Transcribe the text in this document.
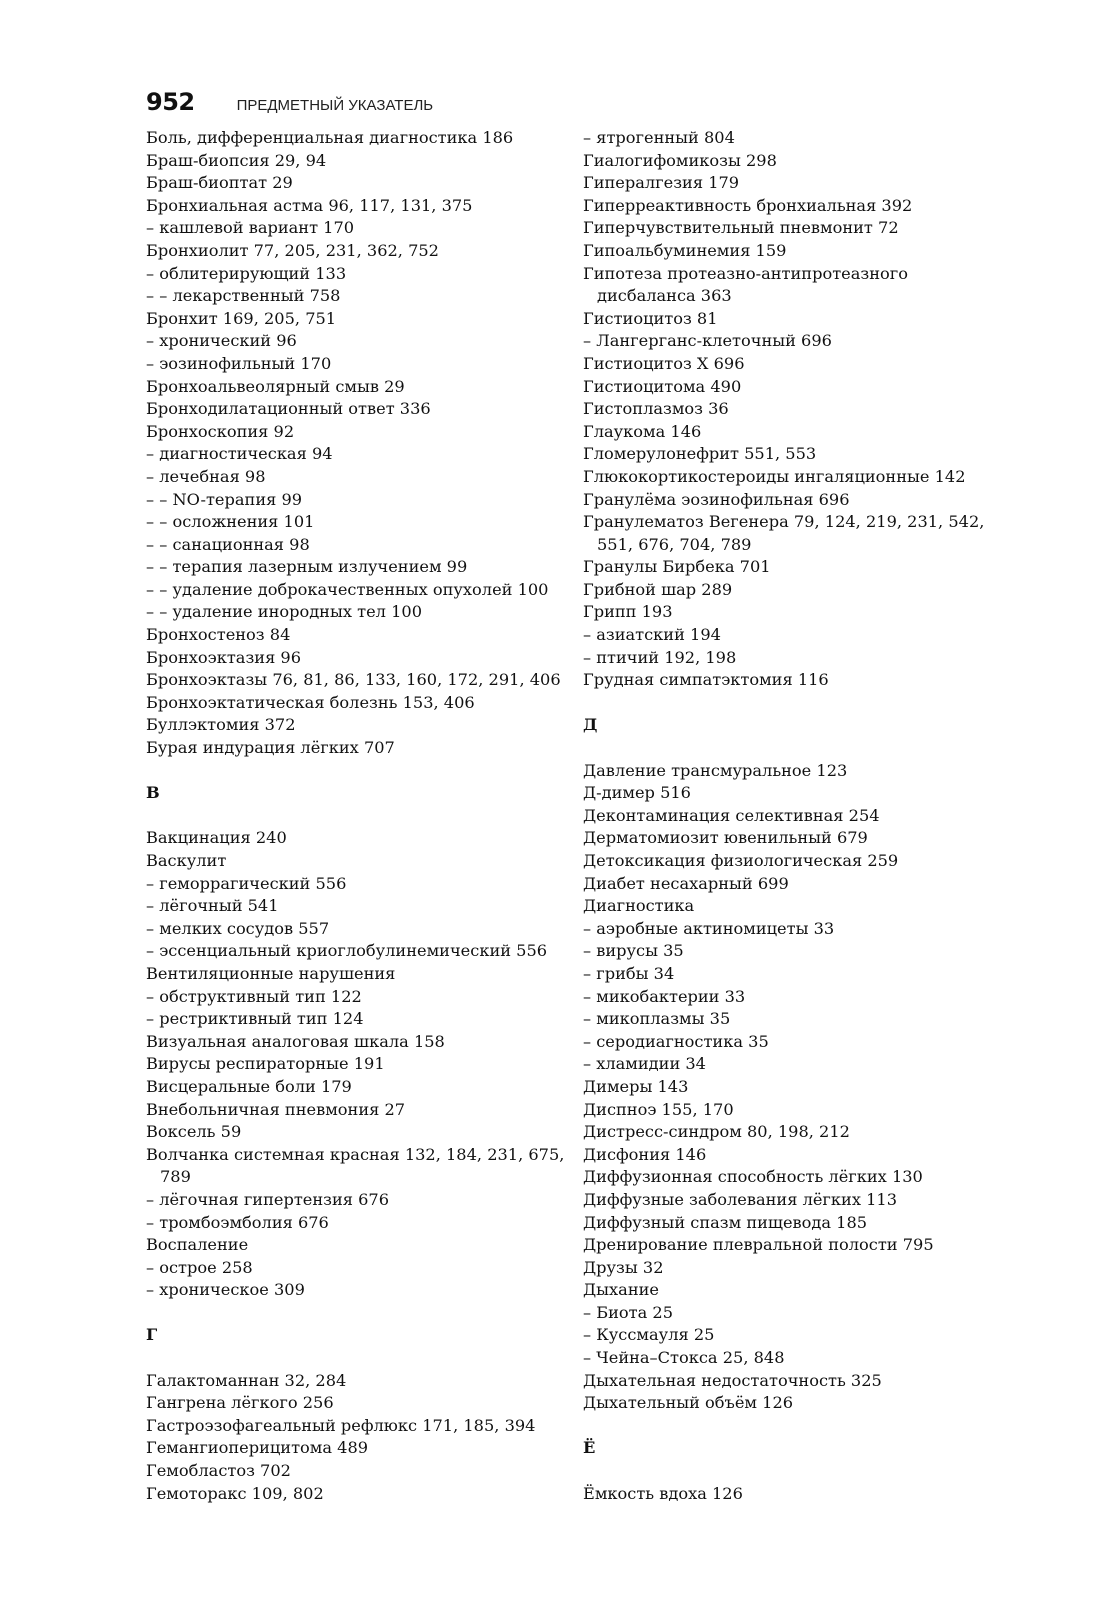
952	ПРЕДМЕТНЫЙ УКАЗАТЕЛЬ
Боль, дифференциальная диагностика 186
Браш-биопсия 29, 94
Браш-биоптат 29
Бронхиальная астма 96, 117, 131, 375
– кашлевой вариант 170
Бронхиолит 77, 205, 231, 362, 752
– облитерирующий 133
– – лекарственный 758
Бронхит 169, 205, 751
– хронический 96
– эозинофильный 170
Бронхоальвеолярный смыв 29
Бронходилатационный ответ 336
Бронхоскопия 92
– диагностическая 94
– лечебная 98
– – NO-терапия 99
– – осложнения 101
– – санационная 98
– – терапия лазерным излучением 99
– – удаление доброкачественных опухолей 100
– – удаление инородных тел 100
Бронхостеноз 84
Бронхоэктазия 96
Бронхоэктазы 76, 81, 86, 133, 160, 172, 291, 406
Бронхоэктатическая болезнь 153, 406
Буллэктомия 372
Бурая индурация лёгких 707
В
Вакцинация 240
Васкулит
– геморрагический 556
– лёгочный 541
– мелких сосудов 557
– эссенциальный криоглобулинемический 556
Вентиляционные нарушения
– обструктивный тип 122
– рестриктивный тип 124
Визуальная аналоговая шкала 158
Вирусы респираторные 191
Висцеральные боли 179
Внебольничная пневмония 27
Воксель 59
Волчанка системная красная 132, 184, 231, 675, 789
– лёгочная гипертензия 676
– тромбоэмболия 676
Воспаление
– острое 258
– хроническое 309
Г
Галактоманнан 32, 284
Гангрена лёгкого 256
Гастроэзофагеальный рефлюкс 171, 185, 394
Гемангиоперицитома 489
Гемобластоз 702
Гемоторакс 109, 802
– ятрогенный 804
Гиалогифомикозы 298
Гипералгезия 179
Гиперреактивность бронхиальная 392
Гиперчувствительный пневмонит 72
Гипоальбуминемия 159
Гипотеза протеазно-антипротеазного дисбаланса 363
Гистиоцитоз 81
– Лангерганс-клеточный 696
Гистиоцитоз X 696
Гистиоцитома 490
Гистоплазмоз 36
Глаукома 146
Гломерулонефрит 551, 553
Глюкокортикостероиды ингаляционные 142
Гранулёма эозинофильная 696
Гранулематоз Вегенера 79, 124, 219, 231, 542, 551, 676, 704, 789
Гранулы Бирбека 701
Грибной шар 289
Грипп 193
– азиатский 194
– птичий 192, 198
Грудная симпатэктомия 116
Д
Давление трансмуральное 123
Д-димер 516
Деконтаминация селективная 254
Дерматомиозит ювенильный 679
Детоксикация физиологическая 259
Диабет несахарный 699
Диагностика
– аэробные актиномицеты 33
– вирусы 35
– грибы 34
– микобактерии 33
– микоплазмы 35
– серодиагностика 35
– хламидии 34
Димеры 143
Диспноэ 155, 170
Дистресс-синдром 80, 198, 212
Дисфония 146
Диффузионная способность лёгких 130
Диффузные заболевания лёгких 113
Диффузный спазм пищевода 185
Дренирование плевральной полости 795
Друзы 32
Дыхание
– Биота 25
– Куссмауля 25
– Чейна–Стокса 25, 848
Дыхательная недостаточность 325
Дыхательный объём 126
Ё
Ёмкость вдоха 126
